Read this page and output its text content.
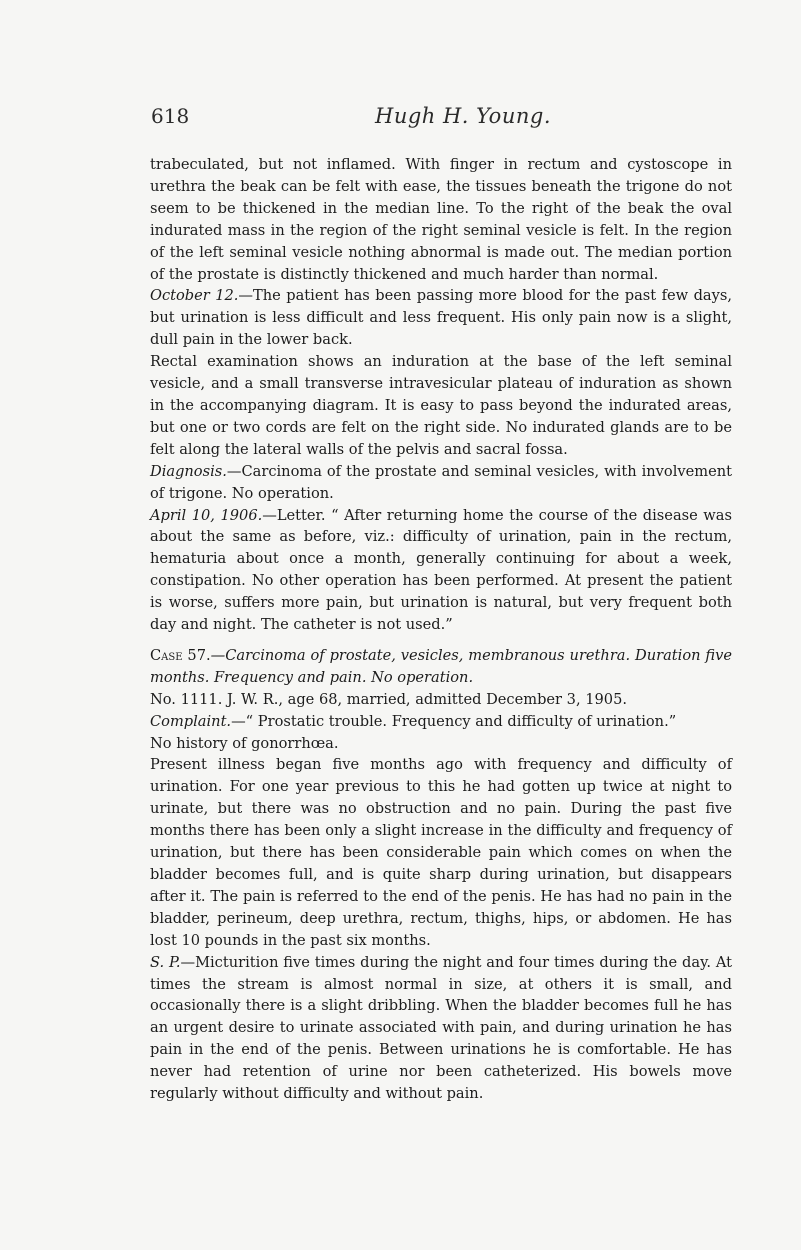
618	Hugh H. Young.

trabeculated, but not inflamed. With finger in rectum and cystoscope in urethra the beak can be felt with ease, the tissues beneath the trigone do not seem to be thickened in the median line. To the right of the beak the oval indurated mass in the region of the right seminal vesicle is felt. In the region of the left seminal vesicle nothing abnormal is made out. The median portion of the prostate is distinctly thickened and much harder than normal.

October 12.—The patient has been passing more blood for the past few days, but urination is less difficult and less frequent. His only pain now is a slight, dull pain in the lower back.

Rectal examination shows an induration at the base of the left seminal vesicle, and a small transverse intravesicular plateau of induration as shown in the accompanying diagram. It is easy to pass beyond the indurated areas, but one or two cords are felt on the right side. No indurated glands are to be felt along the lateral walls of the pelvis and sacral fossa.

Diagnosis.—Carcinoma of the prostate and seminal vesicles, with involvement of trigone. No operation.

April 10, 1906.—Letter. “ After returning home the course of the disease was about the same as before, viz.: difficulty of urination, pain in the rectum, hematuria about once a month, generally continuing for about a week, constipation. No other operation has been performed. At present the patient is worse, suffers more pain, but urination is natural, but very frequent both day and night. The catheter is not used.”

Case 57.—Carcinoma of prostate, vesicles, membranous urethra. Duration five months. Frequency and pain. No operation.

No. 1111. J. W. R., age 68, married, admitted December 3, 1905.

Complaint.—“ Prostatic trouble. Frequency and difficulty of urination.”

No history of gonorrhœa.

Present illness began five months ago with frequency and difficulty of urination. For one year previous to this he had gotten up twice at night to urinate, but there was no obstruction and no pain. During the past five months there has been only a slight increase in the difficulty and frequency of urination, but there has been considerable pain which comes on when the bladder becomes full, and is quite sharp during urination, but disappears after it. The pain is referred to the end of the penis. He has had no pain in the bladder, perineum, deep urethra, rectum, thighs, hips, or abdomen. He has lost 10 pounds in the past six months.

S. P.—Micturition five times during the night and four times during the day. At times the stream is almost normal in size, at others it is small, and occasionally there is a slight dribbling. When the bladder becomes full he has an urgent desire to urinate associated with pain, and during urination he has pain in the end of the penis. Between urinations he is comfortable. He has never had retention of urine nor been catheterized. His bowels move regularly without difficulty and without pain.
